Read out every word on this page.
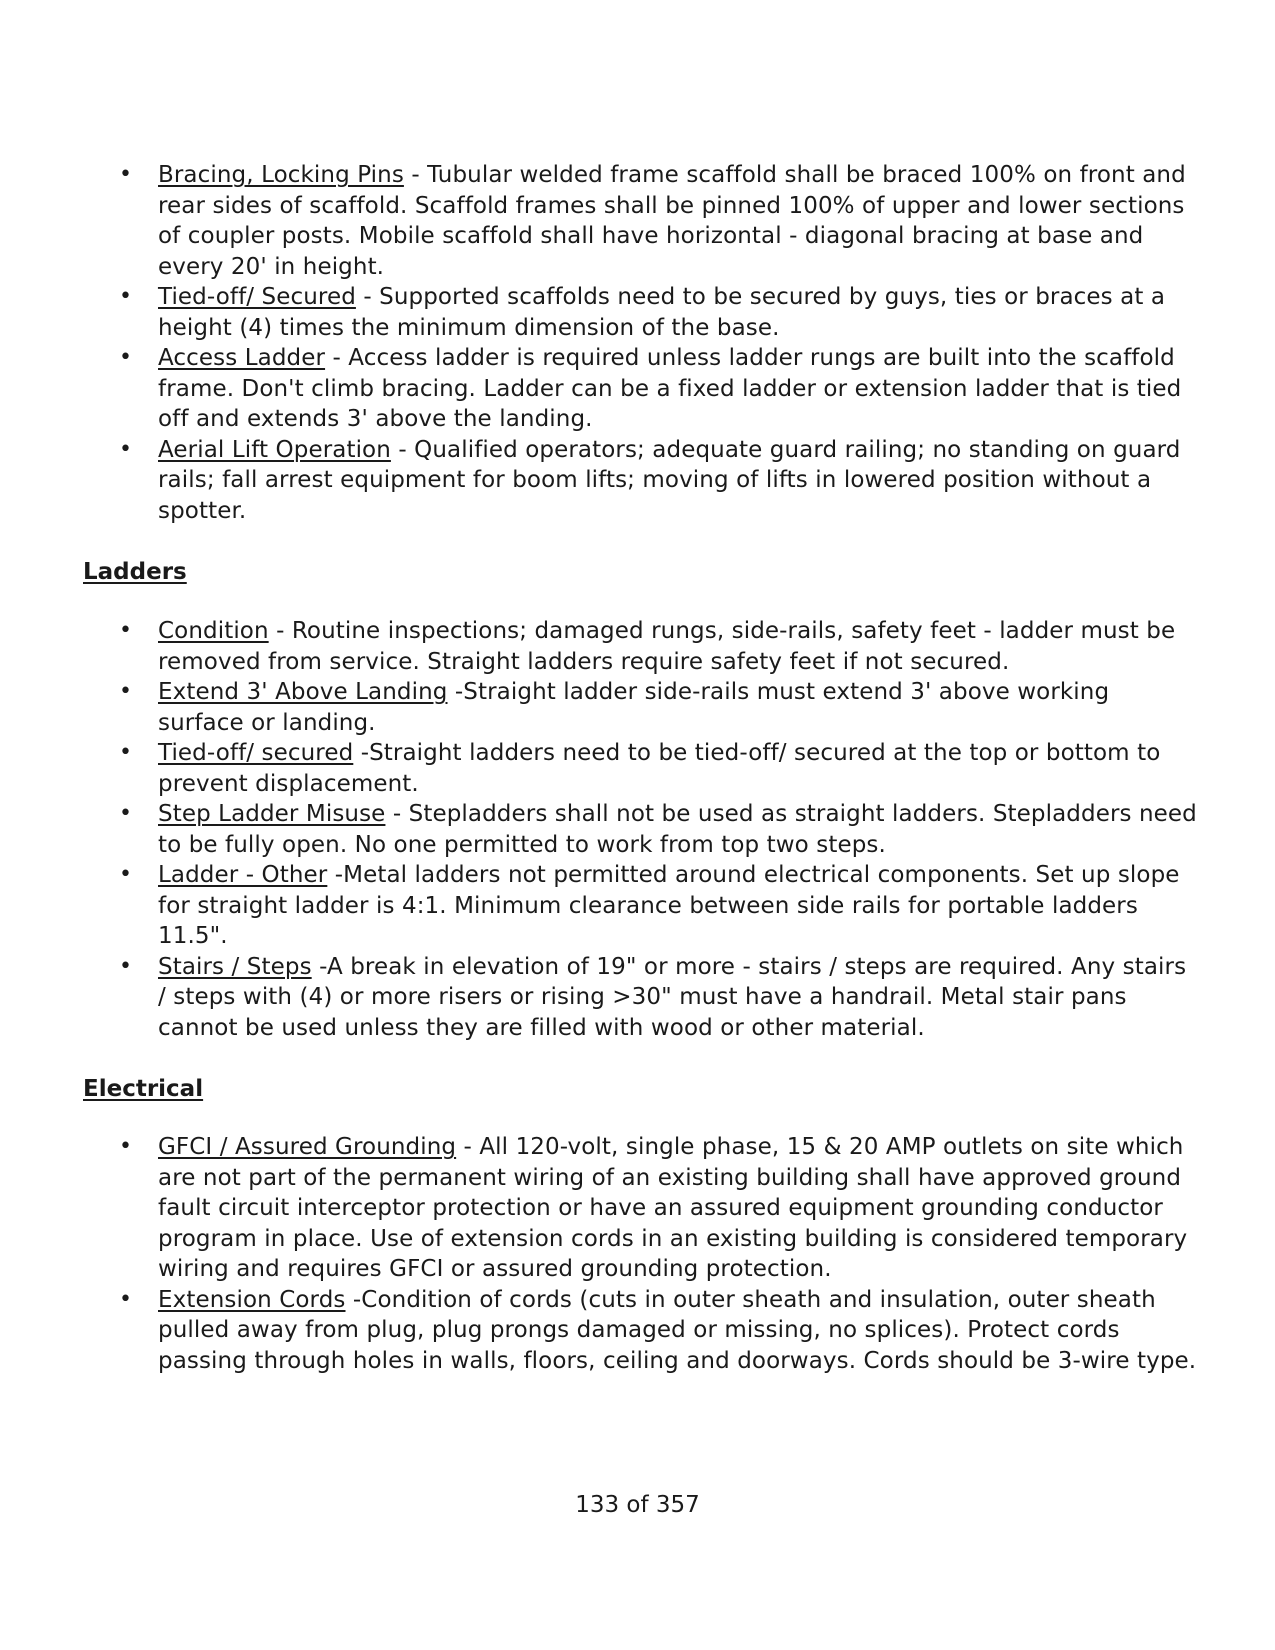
• Bracing, Locking Pins - Tubular welded frame scaffold shall be braced 100% on front and rear sides of scaffold. Scaffold frames shall be pinned 100% of upper and lower sections of coupler posts. Mobile scaffold shall have horizontal - diagonal bracing at base and every 20' in height.
• Tied-off/ Secured - Supported scaffolds need to be secured by guys, ties or braces at a height (4) times the minimum dimension of the base.
• Access Ladder - Access ladder is required unless ladder rungs are built into the scaffold frame. Don't climb bracing. Ladder can be a fixed ladder or extension ladder that is tied off and extends 3' above the landing.
• Aerial Lift Operation - Qualified operators; adequate guard railing; no standing on guard rails; fall arrest equipment for boom lifts; moving of lifts in lowered position without a spotter.
Ladders
• Condition - Routine inspections; damaged rungs, side-rails, safety feet - ladder must be removed from service. Straight ladders require safety feet if not secured.
• Extend 3' Above Landing -Straight ladder side-rails must extend 3' above working surface or landing.
• Tied-off/ secured -Straight ladders need to be tied-off/ secured at the top or bottom to prevent displacement.
• Step Ladder Misuse - Stepladders shall not be used as straight ladders. Stepladders need to be fully open. No one permitted to work from top two steps.
• Ladder - Other -Metal ladders not permitted around electrical components. Set up slope for straight ladder is 4:1. Minimum clearance between side rails for portable ladders 11.5".
• Stairs / Steps -A break in elevation of 19" or more - stairs / steps are required. Any stairs / steps with (4) or more risers or rising >30" must have a handrail. Metal stair pans cannot be used unless they are filled with wood or other material.
Electrical
• GFCI / Assured Grounding - All 120-volt, single phase, 15 & 20 AMP outlets on site which are not part of the permanent wiring of an existing building shall have approved ground fault circuit interceptor protection or have an assured equipment grounding conductor program in place. Use of extension cords in an existing building is considered temporary wiring and requires GFCI or assured grounding protection.
• Extension Cords -Condition of cords (cuts in outer sheath and insulation, outer sheath pulled away from plug, plug prongs damaged or missing, no splices). Protect cords passing through holes in walls, floors, ceiling and doorways. Cords should be 3-wire type.
133 of 357
